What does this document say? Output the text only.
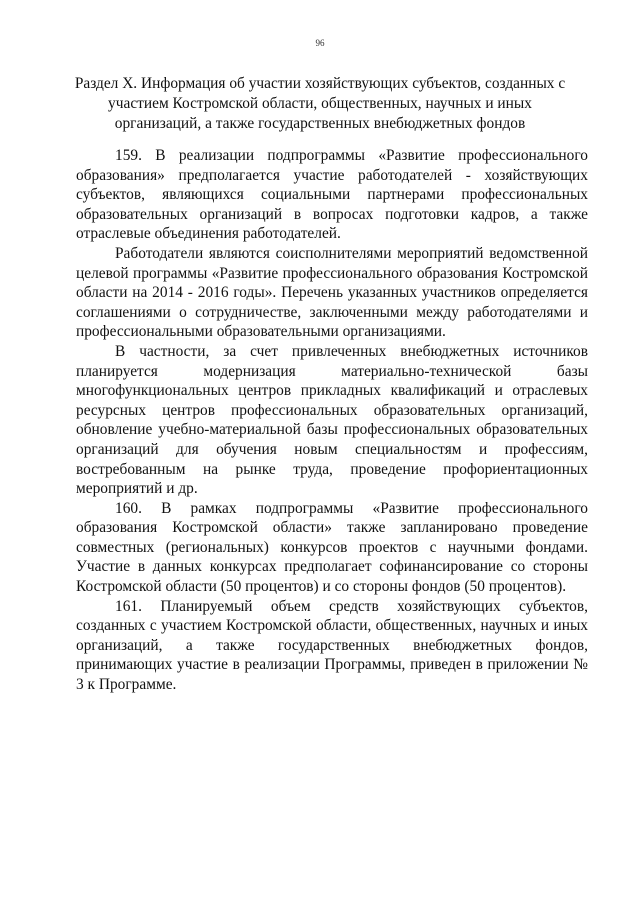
96
Раздел X. Информация об участии хозяйствующих субъектов, созданных с участием Костромской области, общественных, научных и иных организаций, а также государственных внебюджетных фондов

159. В реализации подпрограммы «Развитие профессионального образования» предполагается участие работодателей - хозяйствующих субъектов, являющихся социальными партнерами профессиональных образовательных организаций в вопросах подготовки кадров, а также отраслевые объединения работодателей.

Работодатели являются соисполнителями мероприятий ведомственной целевой программы «Развитие профессионального образования Костромской области на 2014 - 2016 годы». Перечень указанных участников определяется соглашениями о сотрудничестве, заключенными между работодателями и профессиональными образовательными организациями.

В частности, за счет привлеченных внебюджетных источников планируется модернизация материально-технической базы многофункциональных центров прикладных квалификаций и отраслевых ресурсных центров профессиональных образовательных организаций, обновление учебно-материальной базы профессиональных образовательных организаций для обучения новым специальностям и профессиям, востребованным на рынке труда, проведение профориентационных мероприятий и др.

160. В рамках подпрограммы «Развитие профессионального образования Костромской области» также запланировано проведение совместных (региональных) конкурсов проектов с научными фондами. Участие в данных конкурсах предполагает софинансирование со стороны Костромской области (50 процентов) и со стороны фондов (50 процентов).

161. Планируемый объем средств хозяйствующих субъектов, созданных с участием Костромской области, общественных, научных и иных организаций, а также государственных внебюджетных фондов, принимающих участие в реализации Программы, приведен в приложении № 3 к Программе.
